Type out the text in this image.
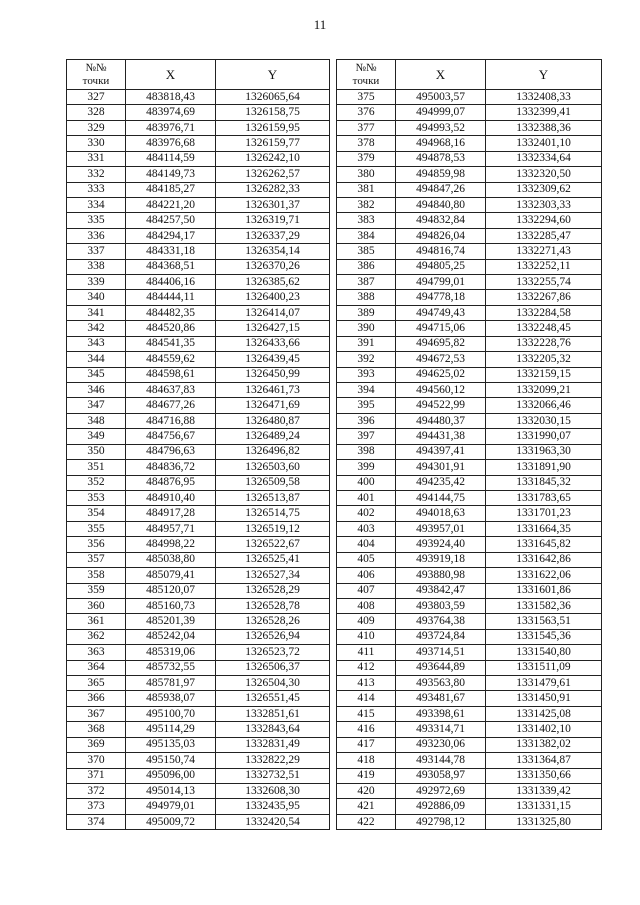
11
№№
точки	X	Y
327	483818,43	1326065,64
328	483974,69	1326158,75
329	483976,71	1326159,95
330	483976,68	1326159,77
331	484114,59	1326242,10
332	484149,73	1326262,57
333	484185,27	1326282,33
334	484221,20	1326301,37
335	484257,50	1326319,71
336	484294,17	1326337,29
337	484331,18	1326354,14
338	484368,51	1326370,26
339	484406,16	1326385,62
340	484444,11	1326400,23
341	484482,35	1326414,07
342	484520,86	1326427,15
343	484541,35	1326433,66
344	484559,62	1326439,45
345	484598,61	1326450,99
346	484637,83	1326461,73
347	484677,26	1326471,69
348	484716,88	1326480,87
349	484756,67	1326489,24
350	484796,63	1326496,82
351	484836,72	1326503,60
352	484876,95	1326509,58
353	484910,40	1326513,87
354	484917,28	1326514,75
355	484957,71	1326519,12
356	484998,22	1326522,67
357	485038,80	1326525,41
358	485079,41	1326527,34
359	485120,07	1326528,29
360	485160,73	1326528,78
361	485201,39	1326528,26
362	485242,04	1326526,94
363	485319,06	1326523,72
364	485732,55	1326506,37
365	485781,97	1326504,30
366	485938,07	1326551,45
367	495100,70	1332851,61
368	495114,29	1332843,64
369	495135,03	1332831,49
370	495150,74	1332822,29
371	495096,00	1332732,51
372	495014,13	1332608,30
373	494979,01	1332435,95
374	495009,72	1332420,54
№№
точки	X	Y
375	495003,57	1332408,33
376	494999,07	1332399,41
377	494993,52	1332388,36
378	494968,16	1332401,10
379	494878,53	1332334,64
380	494859,98	1332320,50
381	494847,26	1332309,62
382	494840,80	1332303,33
383	494832,84	1332294,60
384	494826,04	1332285,47
385	494816,74	1332271,43
386	494805,25	1332252,11
387	494799,01	1332255,74
388	494778,18	1332267,86
389	494749,43	1332284,58
390	494715,06	1332248,45
391	494695,82	1332228,76
392	494672,53	1332205,32
393	494625,02	1332159,15
394	494560,12	1332099,21
395	494522,99	1332066,46
396	494480,37	1332030,15
397	494431,38	1331990,07
398	494397,41	1331963,30
399	494301,91	1331891,90
400	494235,42	1331845,32
401	494144,75	1331783,65
402	494018,63	1331701,23
403	493957,01	1331664,35
404	493924,40	1331645,82
405	493919,18	1331642,86
406	493880,98	1331622,06
407	493842,47	1331601,86
408	493803,59	1331582,36
409	493764,38	1331563,51
410	493724,84	1331545,36
411	493714,51	1331540,80
412	493644,89	1331511,09
413	493563,80	1331479,61
414	493481,67	1331450,91
415	493398,61	1331425,08
416	493314,71	1331402,10
417	493230,06	1331382,02
418	493144,78	1331364,87
419	493058,97	1331350,66
420	492972,69	1331339,42
421	492886,09	1331331,15
422	492798,12	1331325,80
